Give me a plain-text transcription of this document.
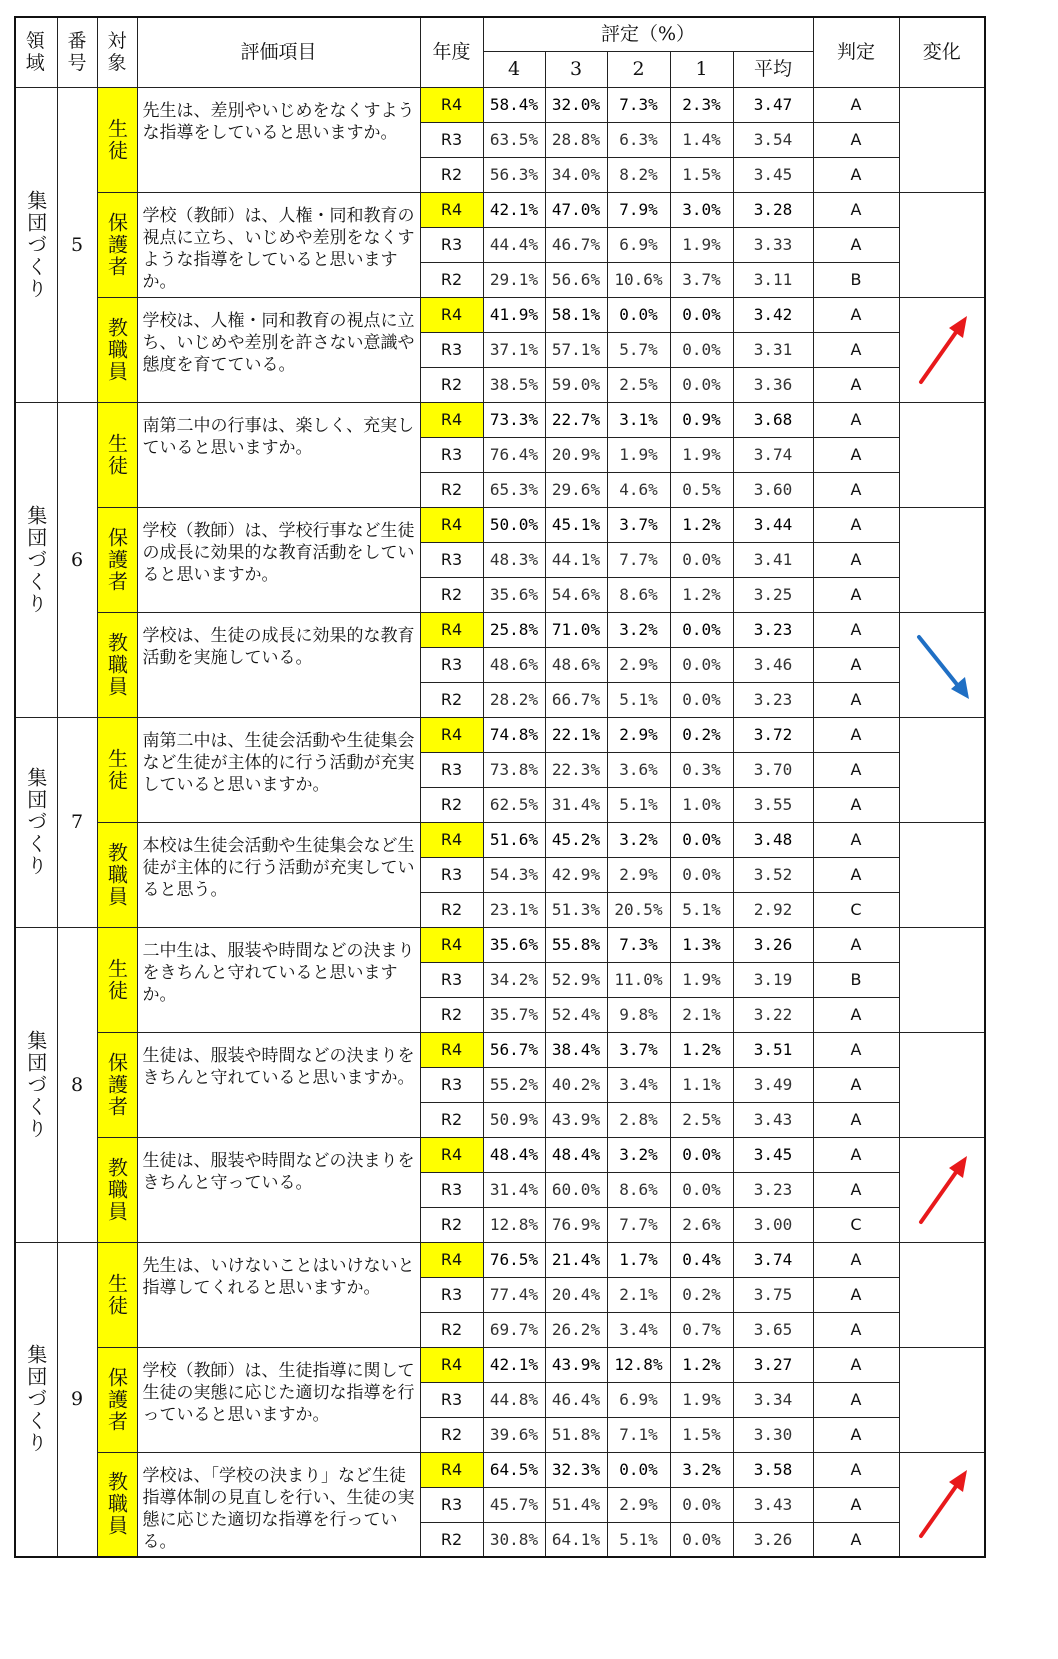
領域	番号	対象	評価項目	年度	評定（%）					判定	変化
					4	3	2	1	平均		

集団づくり	5	生徒	先生は、差別やいじめをなくすような指導をしていると思いますか。	R4	58.4%	32.0%	7.3%	2.3%	3.47	A	
				R3	63.5%	28.8%	6.3%	1.4%	3.54	A	
				R2	56.3%	34.0%	8.2%	1.5%	3.45	A	

		保護者	学校（教師）は、人権・同和教育の視点に立ち、いじめや差別をなくすような指導をしていると思いますか。	R4	42.1%	47.0%	7.9%	3.0%	3.28	A	
				R3	44.4%	46.7%	6.9%	1.9%	3.33	A	
				R2	29.1%	56.6%	10.6%	3.7%	3.11	B	

		教職員	学校は、人権・同和教育の視点に立ち、いじめや差別を許さない意識や態度を育てている。	R4	41.9%	58.1%	0.0%	0.0%	3.42	A	

				R3	37.1%	57.1%	5.7%	0.0%	3.31	A	
				R2	38.5%	59.0%	2.5%	0.0%	3.36	A	

集団づくり	6	生徒	南第二中の行事は、楽しく、充実していると思いますか。	R4	73.3%	22.7%	3.1%	0.9%	3.68	A	
				R3	76.4%	20.9%	1.9%	1.9%	3.74	A	
				R2	65.3%	29.6%	4.6%	0.5%	3.60	A	

		保護者	学校（教師）は、学校行事など生徒の成長に効果的な教育活動をしていると思いますか。	R4	50.0%	45.1%	3.7%	1.2%	3.44	A	
				R3	48.3%	44.1%	7.7%	0.0%	3.41	A	
				R2	35.6%	54.6%	8.6%	1.2%	3.25	A	

		教職員	学校は、生徒の成長に効果的な教育活動を実施している。	R4	25.8%	71.0%	3.2%	0.0%	3.23	A	

				R3	48.6%	48.6%	2.9%	0.0%	3.46	A	
				R2	28.2%	66.7%	5.1%	0.0%	3.23	A	

集団づくり	7	生徒	南第二中は、生徒会活動や生徒集会など生徒が主体的に行う活動が充実していると思いますか。	R4	74.8%	22.1%	2.9%	0.2%	3.72	A	
				R3	73.8%	22.3%	3.6%	0.3%	3.70	A	
				R2	62.5%	31.4%	5.1%	1.0%	3.55	A	

		教職員	本校は生徒会活動や生徒集会など生徒が主体的に行う活動が充実していると思う。	R4	51.6%	45.2%	3.2%	0.0%	3.48	A	
				R3	54.3%	42.9%	2.9%	0.0%	3.52	A	
				R2	23.1%	51.3%	20.5%	5.1%	2.92	C	

集団づくり	8	生徒	二中生は、服装や時間などの決まりをきちんと守れていると思いますか。	R4	35.6%	55.8%	7.3%	1.3%	3.26	A	
				R3	34.2%	52.9%	11.0%	1.9%	3.19	B	
				R2	35.7%	52.4%	9.8%	2.1%	3.22	A	

		保護者	生徒は、服装や時間などの決まりをきちんと守れていると思いますか。	R4	56.7%	38.4%	3.7%	1.2%	3.51	A	
				R3	55.2%	40.2%	3.4%	1.1%	3.49	A	
				R2	50.9%	43.9%	2.8%	2.5%	3.43	A	

		教職員	生徒は、服装や時間などの決まりをきちんと守っている。	R4	48.4%	48.4%	3.2%	0.0%	3.45	A	

				R3	31.4%	60.0%	8.6%	0.0%	3.23	A	
				R2	12.8%	76.9%	7.7%	2.6%	3.00	C	

集団づくり	9	生徒	先生は、いけないことはいけないと指導してくれると思いますか。	R4	76.5%	21.4%	1.7%	0.4%	3.74	A	
				R3	77.4%	20.4%	2.1%	0.2%	3.75	A	
				R2	69.7%	26.2%	3.4%	0.7%	3.65	A	

		保護者	学校（教師）は、生徒指導に関して生徒の実態に応じた適切な指導を行っていると思いますか。	R4	42.1%	43.9%	12.8%	1.2%	3.27	A	
				R3	44.8%	46.4%	6.9%	1.9%	3.34	A	
				R2	39.6%	51.8%	7.1%	1.5%	3.30	A	

		教職員	学校は、「学校の決まり」など生徒指導体制の見直しを行い、生徒の実態に応じた適切な指導を行っている。	R4	64.5%	32.3%	0.0%	3.2%	3.58	A	

				R3	45.7%	51.4%	2.9%	0.0%	3.43	A	
				R2	30.8%	64.1%	5.1%	0.0%	3.26	A	
